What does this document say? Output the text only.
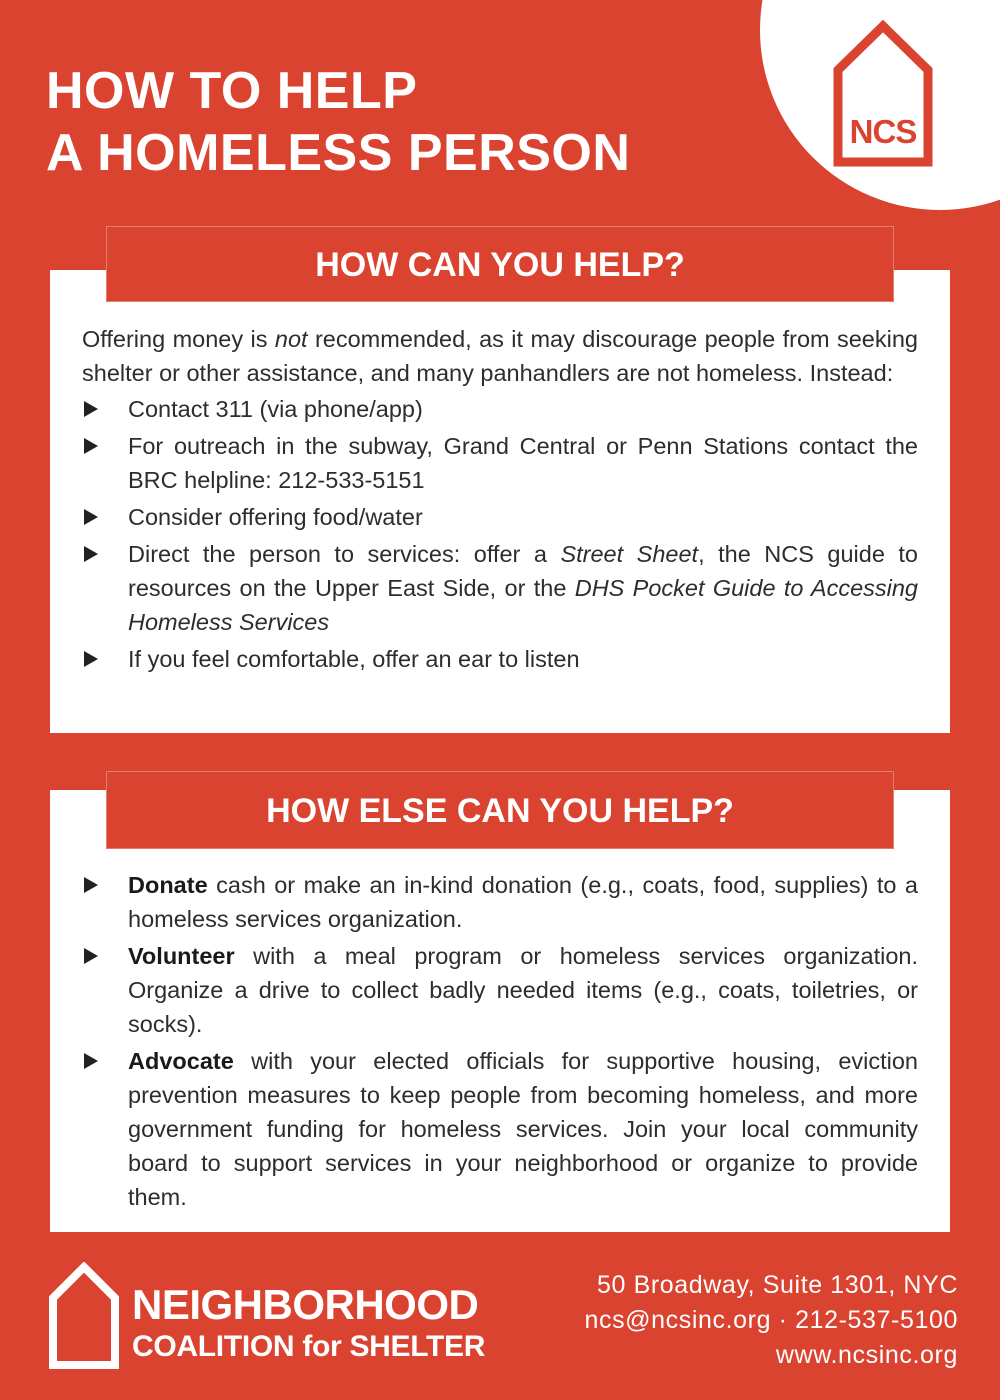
NCS
HOW TO HELP
A HOMELESS PERSON

Offering money is not recommended, as it may discourage people from seeking shelter or other assistance, and many panhandlers are not homeless. Instead:

Contact 311 (via phone/app)
For outreach in the subway, Grand Central or Penn Stations contact the BRC helpline: 212-533-5151
Consider offering food/water
Direct the person to services: offer a Street Sheet, the NCS guide to resources on the Upper East Side, or the DHS Pocket Guide to Accessing Homeless Services
If you feel comfortable, offer an ear to listen
HOW CAN YOU HELP?
Donate cash or make an in-kind donation (e.g., coats, food, supplies) to a homeless services organization.
Volunteer with a meal program or homeless services organization. Organize a drive to collect badly needed items (e.g., coats, toiletries, or socks).
Advocate with your elected officials for supportive housing, eviction prevention measures to keep people from becoming homeless, and more government funding for homeless services. Join your local community board to support services in your neighborhood or organize to provide them.
HOW ELSE CAN YOU HELP?
NEIGHBORHOOD
COALITION for SHELTER
50 Broadway, Suite 1301, NYC
ncs@ncsinc.org · 212-537-5100
www.ncsinc.org
